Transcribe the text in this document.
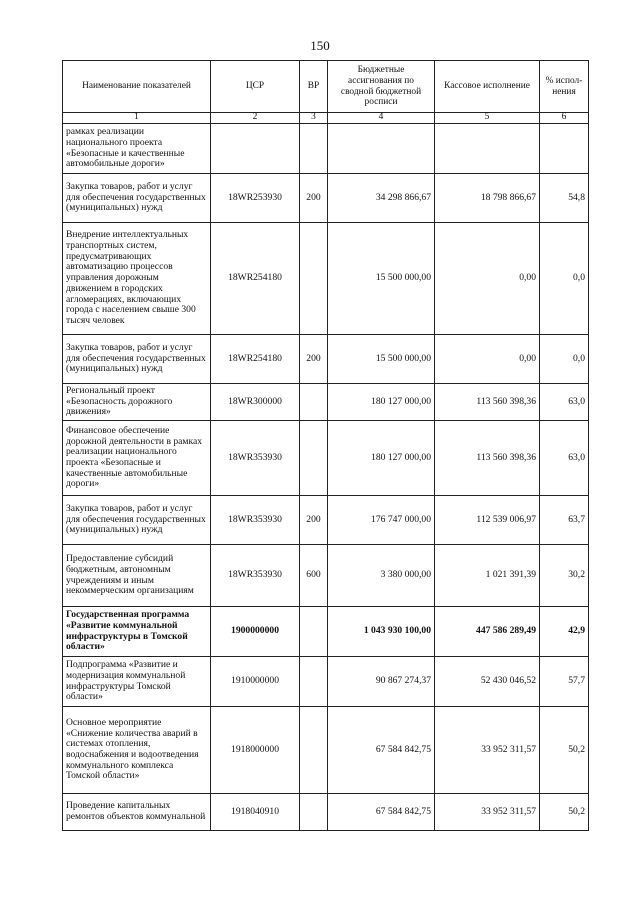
150
Наименование показателей	ЦСР	ВР	Бюджетные ассигнования по сводной бюджетной росписи	Кассовое исполнение	% испол-нения
1	2	3	4	5	6
рамках реализации национального проекта «Безопасные и качественные автомобильные дороги»					
Закупка товаров, работ и услуг для обеспечения государственных (муниципальных) нужд	18WR253930	200	34 298 866,67	18 798 866,67	54,8
Внедрение интеллектуальных транспортных систем, предусматривающих автоматизацию процессов управления дорожным движением в городских агломерациях, включающих города с населением свыше 300 тысяч человек	18WR254180		15 500 000,00	0,00	0,0
Закупка товаров, работ и услуг для обеспечения государственных (муниципальных) нужд	18WR254180	200	15 500 000,00	0,00	0,0
Региональный проект «Безопасность дорожного движения»	18WR300000		180 127 000,00	113 560 398,36	63,0
Финансовое обеспечение дорожной деятельности в рамках реализации национального проекта «Безопасные и качественные автомобильные дороги»	18WR353930		180 127 000,00	113 560 398,36	63,0
Закупка товаров, работ и услуг для обеспечения государственных (муниципальных) нужд	18WR353930	200	176 747 000,00	112 539 006,97	63,7
Предоставление субсидий бюджетным, автономным учреждениям и иным некоммерческим организациям	18WR353930	600	3 380 000,00	1 021 391,39	30,2
Государственная программа «Развитие коммунальной инфраструктуры в Томской области»	1900000000		1 043 930 100,00	447 586 289,49	42,9
Подпрограмма «Развитие и модернизация коммунальной инфраструктуры Томской области»	1910000000		90 867 274,37	52 430 046,52	57,7
Основное мероприятие «Снижение количества аварий в системах отопления, водоснабжения и водоотведения коммунального комплекса Томской области»	1918000000		67 584 842,75	33 952 311,57	50,2
Проведение капитальных ремонтов объектов коммунальной	1918040910		67 584 842,75	33 952 311,57	50,2
